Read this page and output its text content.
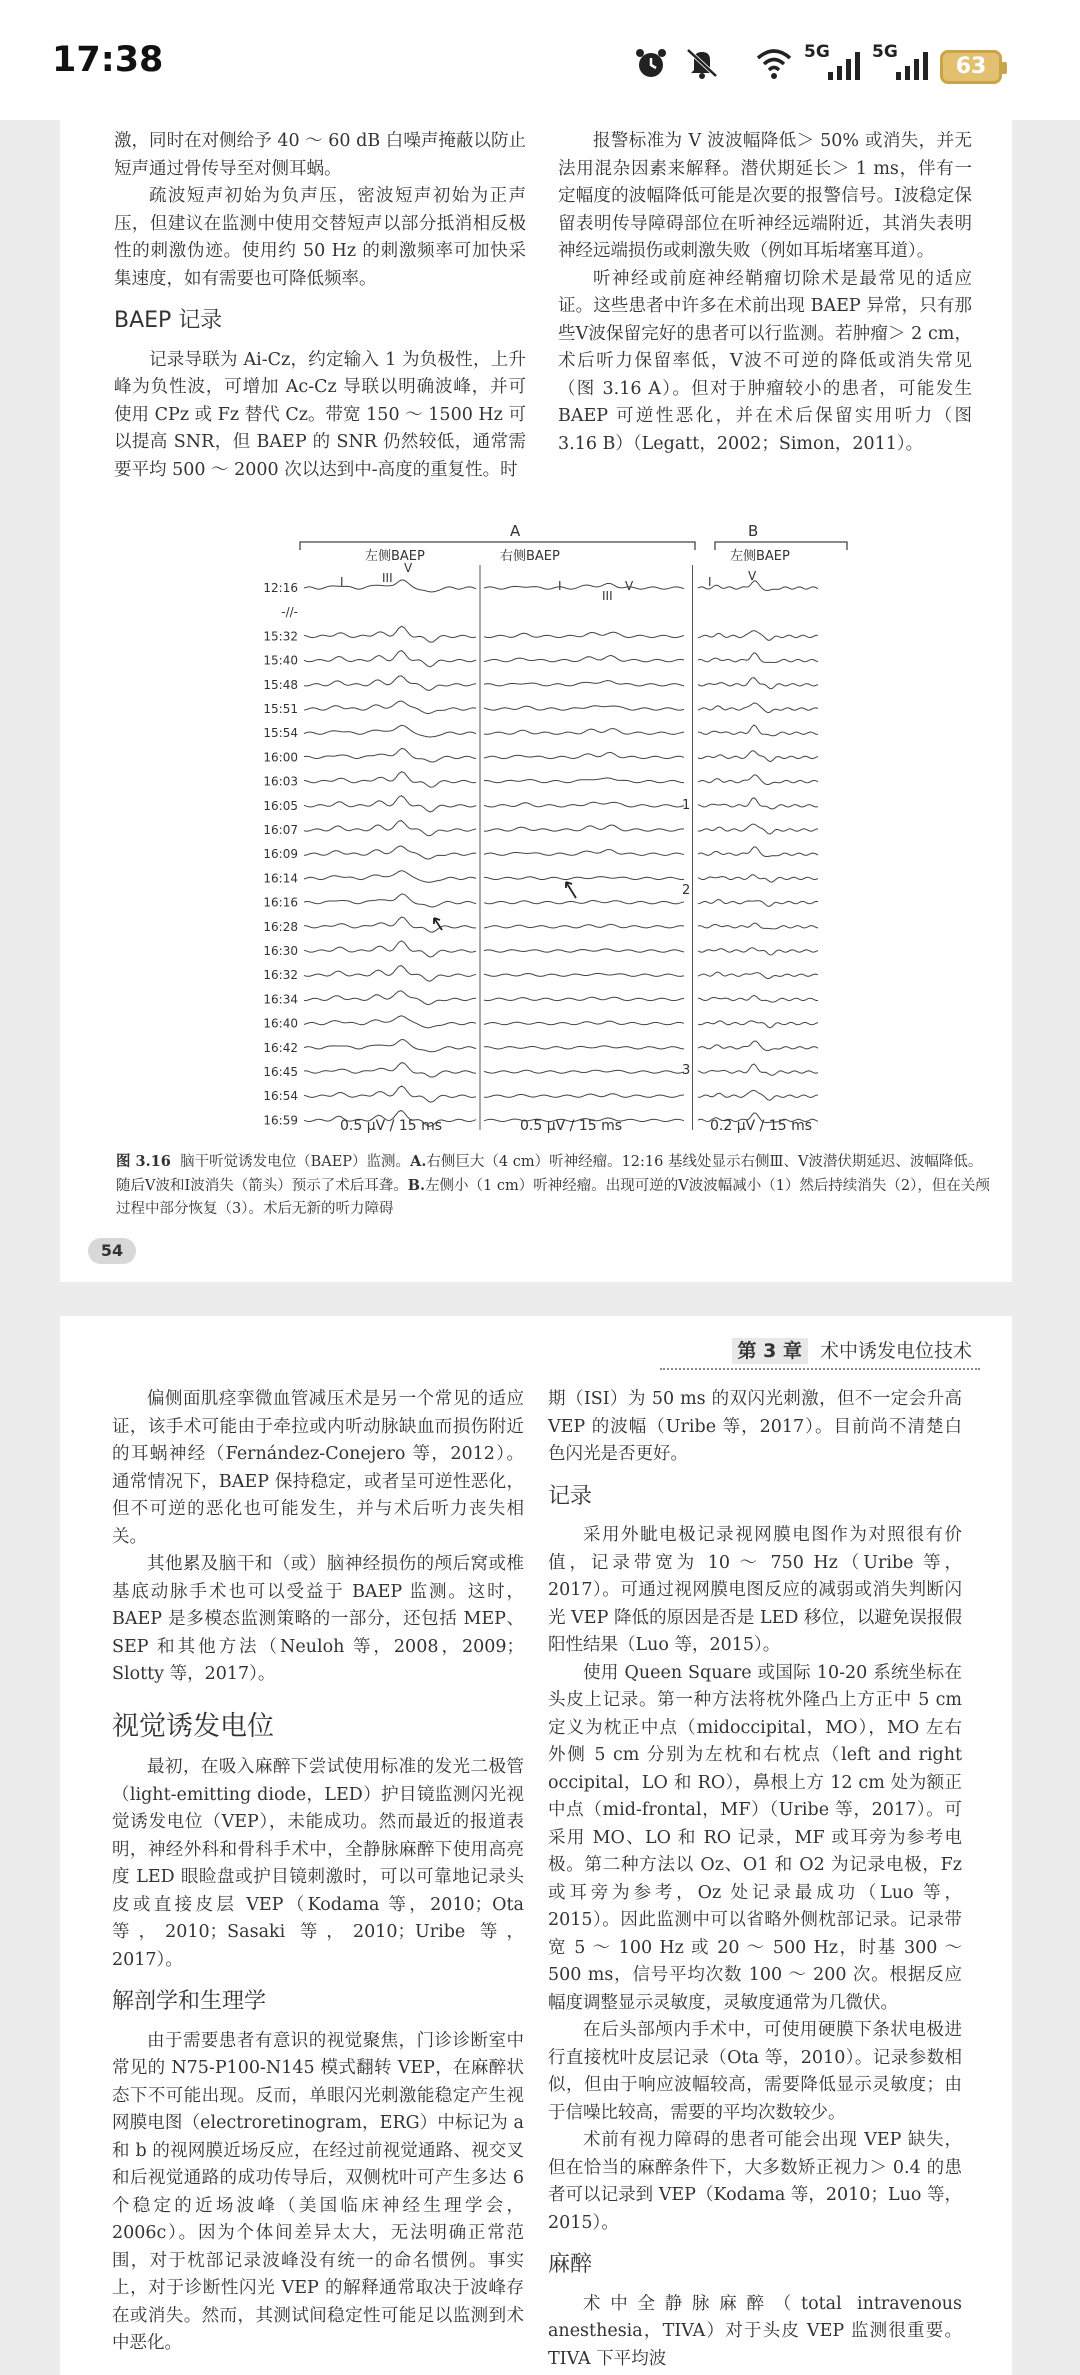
17:38	5G 5G
63

激，同时在对侧给予 40 ～ 60 dB 白噪声掩蔽以防止短声通过骨传导至对侧耳蜗。

疏波短声初始为负声压，密波短声初始为正声压，但建议在监测中使用交替短声以部分抵消相反极性的刺激伪迹。使用约 50 Hz 的刺激频率可加快采集速度，如有需要也可降低频率。

BAEP 记录

记录导联为 Ai-Cz，约定输入 1 为负极性，上升峰为负性波，可增加 Ac-Cz 导联以明确波峰，并可使用 CPz 或 Fz 替代 Cz。带宽 150 ～ 1500 Hz 可以提高 SNR，但 BAEP 的 SNR 仍然较低，通常需要平均 500 ～ 2000 次以达到中-高度的重复性。时

报警标准为 V 波波幅降低＞ 50% 或消失，并无法用混杂因素来解释。潜伏期延长＞ 1 ms，伴有一定幅度的波幅降低可能是次要的报警信号。Ⅰ波稳定保留表明传导障碍部位在听神经远端附近，其消失表明神经远端损伤或刺激失败（例如耳垢堵塞耳道）。

听神经或前庭神经鞘瘤切除术是最常见的适应证。这些患者中许多在术前出现 BAEP 异常，只有那些Ⅴ波保留完好的患者可以行监测。若肿瘤＞ 2 cm，术后听力保留率低，Ⅴ波不可逆的降低或消失常见（图 3.16 A）。但对于肿瘤较小的患者，可能发生 BAEP 可逆性恶化，并在术后保留实用听力（图 3.16 B）（Legatt，2002；Simon，2011）。

A	B
左侧BAEP	右侧BAEP	左侧BAEP
I	III
V
I
III
V	I	V
12:16
-//-
15:32
15:40
15:48
15:51
15:54
16:00
16:03
16:05
16:07
16:09
16:14
16:16
16:28
16:30
16:32
16:34
16:40
16:42
16:45
16:54
16:59
1
2
3
0.5 μV / 15 ms	0.5 μV / 15 ms	0.2 μV / 15 ms
图 3.16 脑干听觉诱发电位（BAEP）监测。A.右侧巨大（4 cm）听神经瘤。12:16 基线处显示右侧Ⅲ、Ⅴ波潜伏期延迟、波幅降低。随后Ⅴ波和Ⅰ波消失（箭头）预示了术后耳聋。B.左侧小（1 cm）听神经瘤。出现可逆的Ⅴ波波幅减小（1）然后持续消失（2），但在关颅过程中部分恢复（3）。术后无新的听力障碍
54
第 3 章 术中诱发电位技术

偏侧面肌痉挛微血管减压术是另一个常见的适应证，该手术可能由于牵拉或内听动脉缺血而损伤附近的耳蜗神经（Fernández-Conejero 等，2012）。通常情况下，BAEP 保持稳定，或者呈可逆性恶化，但不可逆的恶化也可能发生，并与术后听力丧失相关。

其他累及脑干和（或）脑神经损伤的颅后窝或椎基底动脉手术也可以受益于 BAEP 监测。这时，BAEP 是多模态监测策略的一部分，还包括 MEP、SEP 和其他方法（Neuloh 等，2008，2009；Slotty 等，2017）。

视觉诱发电位

最初，在吸入麻醉下尝试使用标准的发光二极管（light-emitting diode，LED）护目镜监测闪光视觉诱发电位（VEP），未能成功。然而最近的报道表明，神经外科和骨科手术中，全静脉麻醉下使用高亮度 LED 眼睑盘或护目镜刺激时，可以可靠地记录头皮或直接皮层 VEP（Kodama 等，2010；Ota 等，2010；Sasaki 等，2010；Uribe 等，2017）。

解剖学和生理学

由于需要患者有意识的视觉聚焦，门诊诊断室中常见的 N75-P100-N145 模式翻转 VEP，在麻醉状态下不可能出现。反而，单眼闪光刺激能稳定产生视网膜电图（electroretinogram，ERG）中标记为 a 和 b 的视网膜近场反应，在经过前视觉通路、视交叉和后视觉通路的成功传导后，双侧枕叶可产生多达 6 个稳定的近场波峰（美国临床神经生理学会，2006c）。因为个体间差异太大，无法明确正常范围，对于枕部记录波峰没有统一的命名惯例。事实上，对于诊断性闪光 VEP 的解释通常取决于波峰存在或消失。然而，其测试间稳定性可能足以监测到术中恶化。

期（ISI）为 50 ms 的双闪光刺激，但不一定会升高 VEP 的波幅（Uribe 等，2017）。目前尚不清楚白色闪光是否更好。

记录

采用外眦电极记录视网膜电图作为对照很有价值，记录带宽为 10 ～ 750 Hz（Uribe 等，2017）。可通过视网膜电图反应的减弱或消失判断闪光 VEP 降低的原因是否是 LED 移位，以避免误报假阳性结果（Luo 等，2015）。

使用 Queen Square 或国际 10-20 系统坐标在头皮上记录。第一种方法将枕外隆凸上方正中 5 cm 定义为枕正中点（midoccipital，MO），MO 左右外侧 5 cm 分别为左枕和右枕点（left and right occipital，LO 和 RO），鼻根上方 12 cm 处为额正中点（mid-frontal，MF）（Uribe 等，2017）。可采用 MO、LO 和 RO 记录，MF 或耳旁为参考电极。第二种方法以 Oz、O1 和 O2 为记录电极，Fz 或耳旁为参考，Oz 处记录最成功（Luo 等，2015）。因此监测中可以省略外侧枕部记录。记录带宽 5 ～ 100 Hz 或 20 ～ 500 Hz，时基 300 ～ 500 ms，信号平均次数 100 ～ 200 次。根据反应幅度调整显示灵敏度，灵敏度通常为几微伏。

在后头部颅内手术中，可使用硬膜下条状电极进行直接枕叶皮层记录（Ota 等，2010）。记录参数相似，但由于响应波幅较高，需要降低显示灵敏度；由于信噪比较高，需要的平均次数较少。

术前有视力障碍的患者可能会出现 VEP 缺失，但在恰当的麻醉条件下，大多数矫正视力＞ 0.4 的患者可以记录到 VEP（Kodama 等，2010；Luo 等，2015）。

麻醉

术中全静脉麻醉（total intravenous anesthesia，TIVA）对于头皮 VEP 监测很重要。TIVA 下平均波
